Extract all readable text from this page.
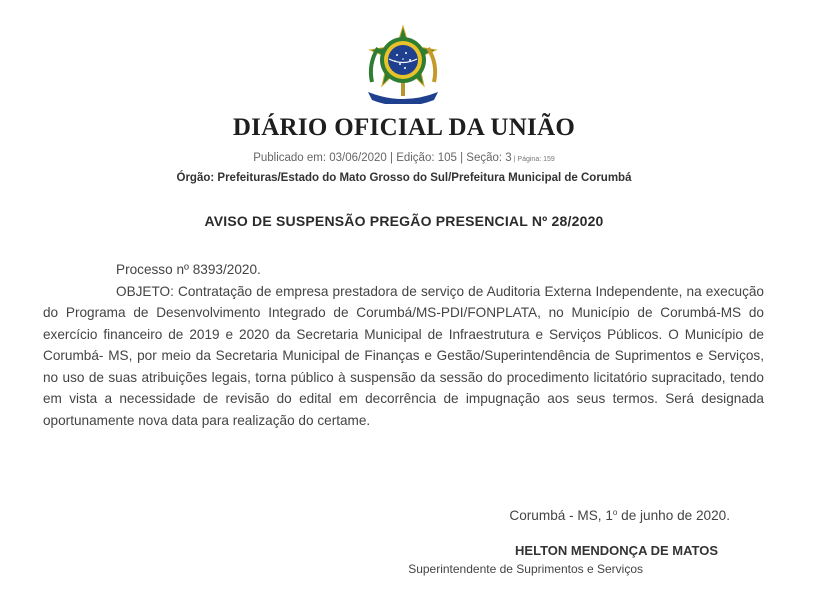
DIÁRIO OFICIAL DA UNIÃO
Publicado em: 03/06/2020 | Edição: 105 | Seção: 3 | Página: 159
Órgão: Prefeituras/Estado do Mato Grosso do Sul/Prefeitura Municipal de Corumbá
AVISO DE SUSPENSÃO PREGÃO PRESENCIAL Nº 28/2020

Processo nº 8393/2020.

OBJETO: Contratação de empresa prestadora de serviço de Auditoria Externa Independente, na execução do Programa de Desenvolvimento Integrado de Corumbá/MS-PDI/FONPLATA, no Município de Corumbá-MS do exercício financeiro de 2019 e 2020 da Secretaria Municipal de Infraestrutura e Serviços Públicos. O Município de Corumbá- MS, por meio da Secretaria Municipal de Finanças e Gestão/Superintendência de Suprimentos e Serviços, no uso de suas atribuições legais, torna público à suspensão da sessão do procedimento licitatório supracitado, tendo em vista a necessidade de revisão do edital em decorrência de impugnação aos seus termos. Será designada oportunamente nova data para realização do certame.

Corumbá - MS, 1$^o$ de junho de 2020.
HELTON MENDONÇA DE MATOS
Superintendente de Suprimentos e Serviços
